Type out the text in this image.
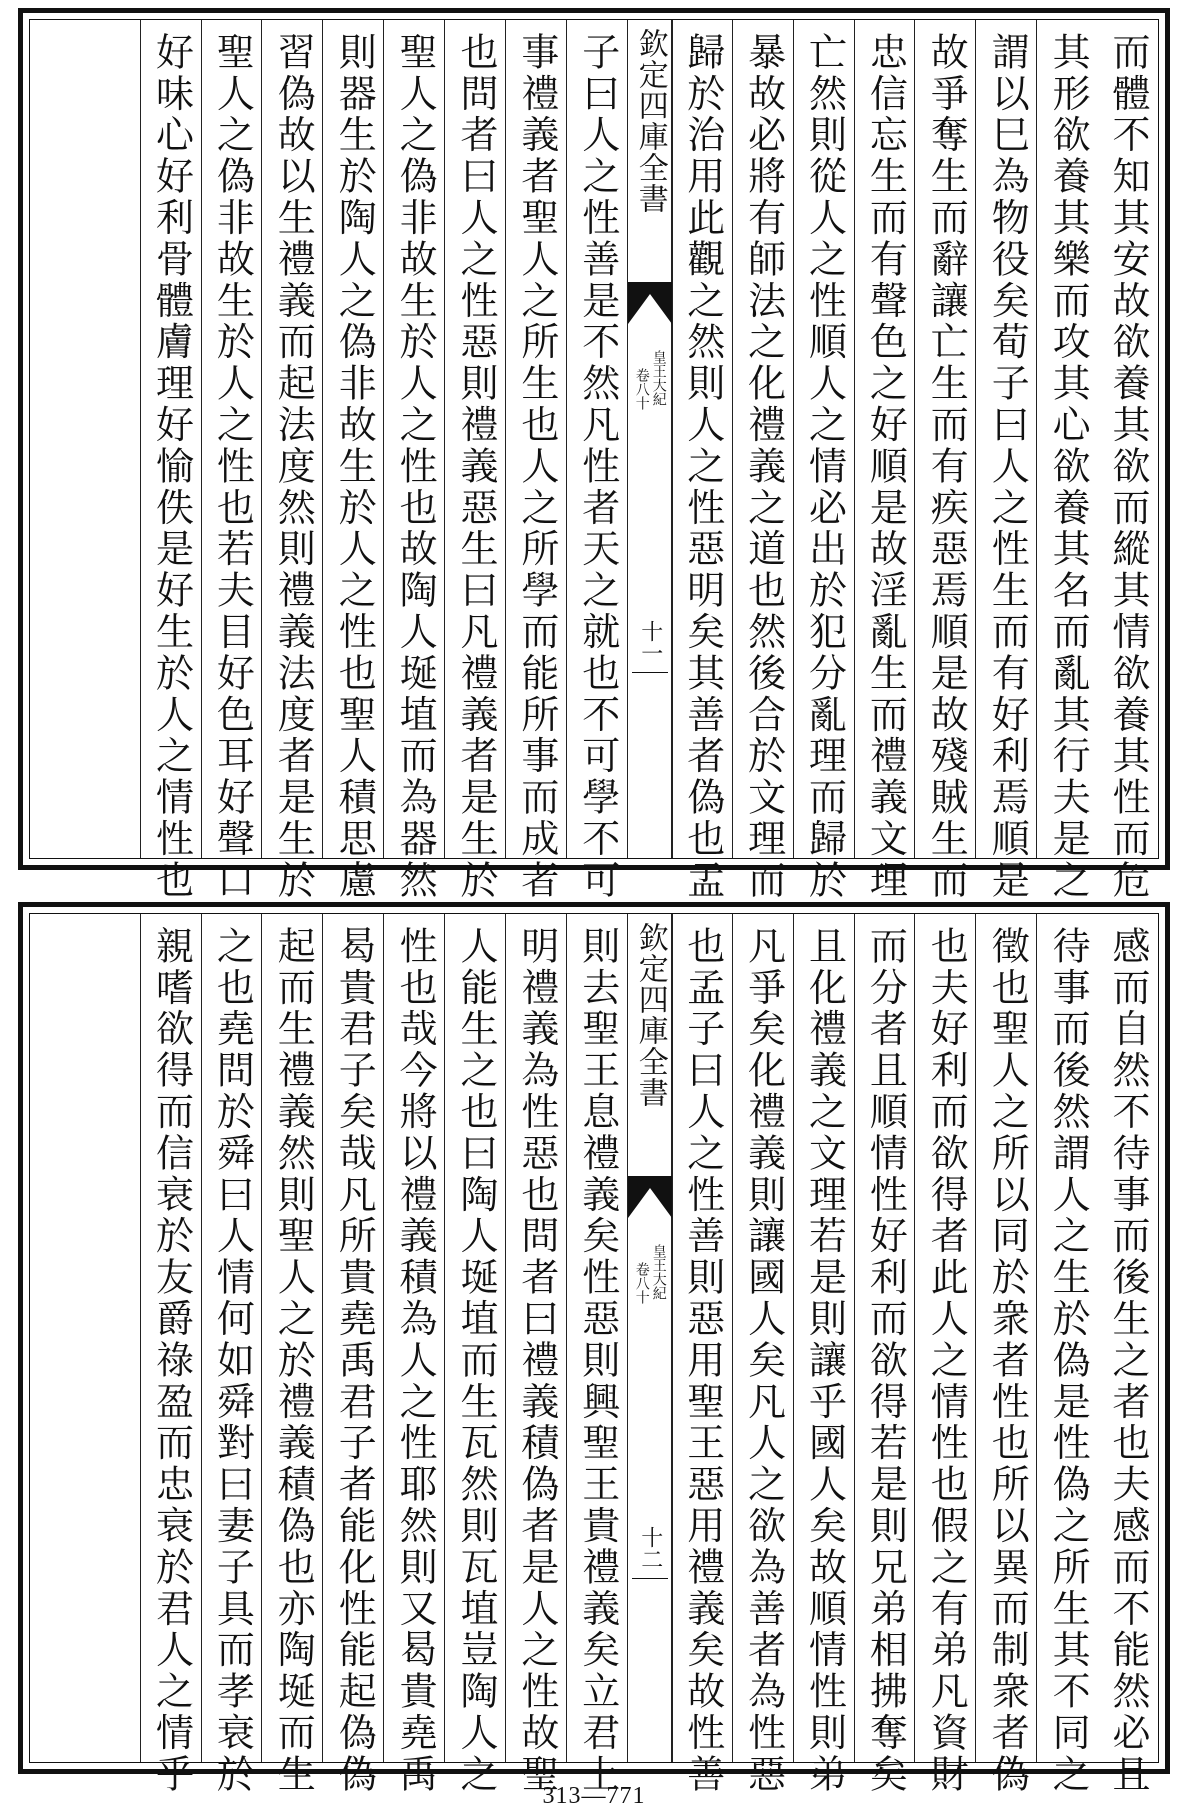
而體不知其安故欲養其欲而縱其情欲養其性而危
其形欲養其樂而攻其心欲養其名而亂其行夫是之
謂以巳為物役矣荀子曰人之性生而有好利焉順是
故爭奪生而辭讓亡生而有疾惡焉順是故殘賊生而
忠信忘生而有聲色之好順是故淫亂生而禮義文理
亡然則從人之性順人之情必出於犯分亂理而歸於
暴故必將有師法之化禮義之道也然後合於文理而
歸於治用此觀之然則人之性惡明矣其善者偽也孟
欽定四庫全書
皇王大紀
卷八十
十一
子曰人之性善是不然凡性者天之就也不可學不可
事禮義者聖人之所生也人之所學而能所事而成者
也問者曰人之性惡則禮義惡生曰凡禮義者是生於
聖人之偽非故生於人之性也故陶人埏埴而為器然
則器生於陶人之偽非故生於人之性也聖人積思慮
習偽故以生禮義而起法度然則禮義法度者是生於
聖人之偽非故生於人之性也若夫目好色耳好聲口
好味心好利骨體膚理好愉佚是好生於人之情性也
感而自然不待事而後生之者也夫感而不能然必且
待事而後然謂人之生於偽是性偽之所生其不同之
徵也聖人之所以同於衆者性也所以異而制衆者偽
也夫好利而欲得者此人之情性也假之有弟凡資財
而分者且順情性好利而欲得若是則兄弟相拂奪矣
且化禮義之文理若是則讓乎國人矣故順情性則弟
凡爭矣化禮義則讓國人矣凡人之欲為善者為性惡
也孟子曰人之性善則惡用聖王惡用禮義矣故性善
欽定四庫全書
皇王大紀
卷八十
十二
則去聖王息禮義矣性惡則興聖王貴禮義矣立君上
明禮義為性惡也問者曰禮義積偽者是人之性故聖
人能生之也曰陶人埏埴而生瓦然則瓦埴豈陶人之
性也哉今將以禮義積為人之性耶然則又曷貴堯禹
曷貴君子矣哉凡所貴堯禹君子者能化性能起偽偽
起而生禮義然則聖人之於禮義積偽也亦陶埏而生
之也堯問於舜曰人情何如舜對曰妻子具而孝衰於
親嗜欲得而信衰於友爵祿盈而忠衰於君人之情乎
313—771
